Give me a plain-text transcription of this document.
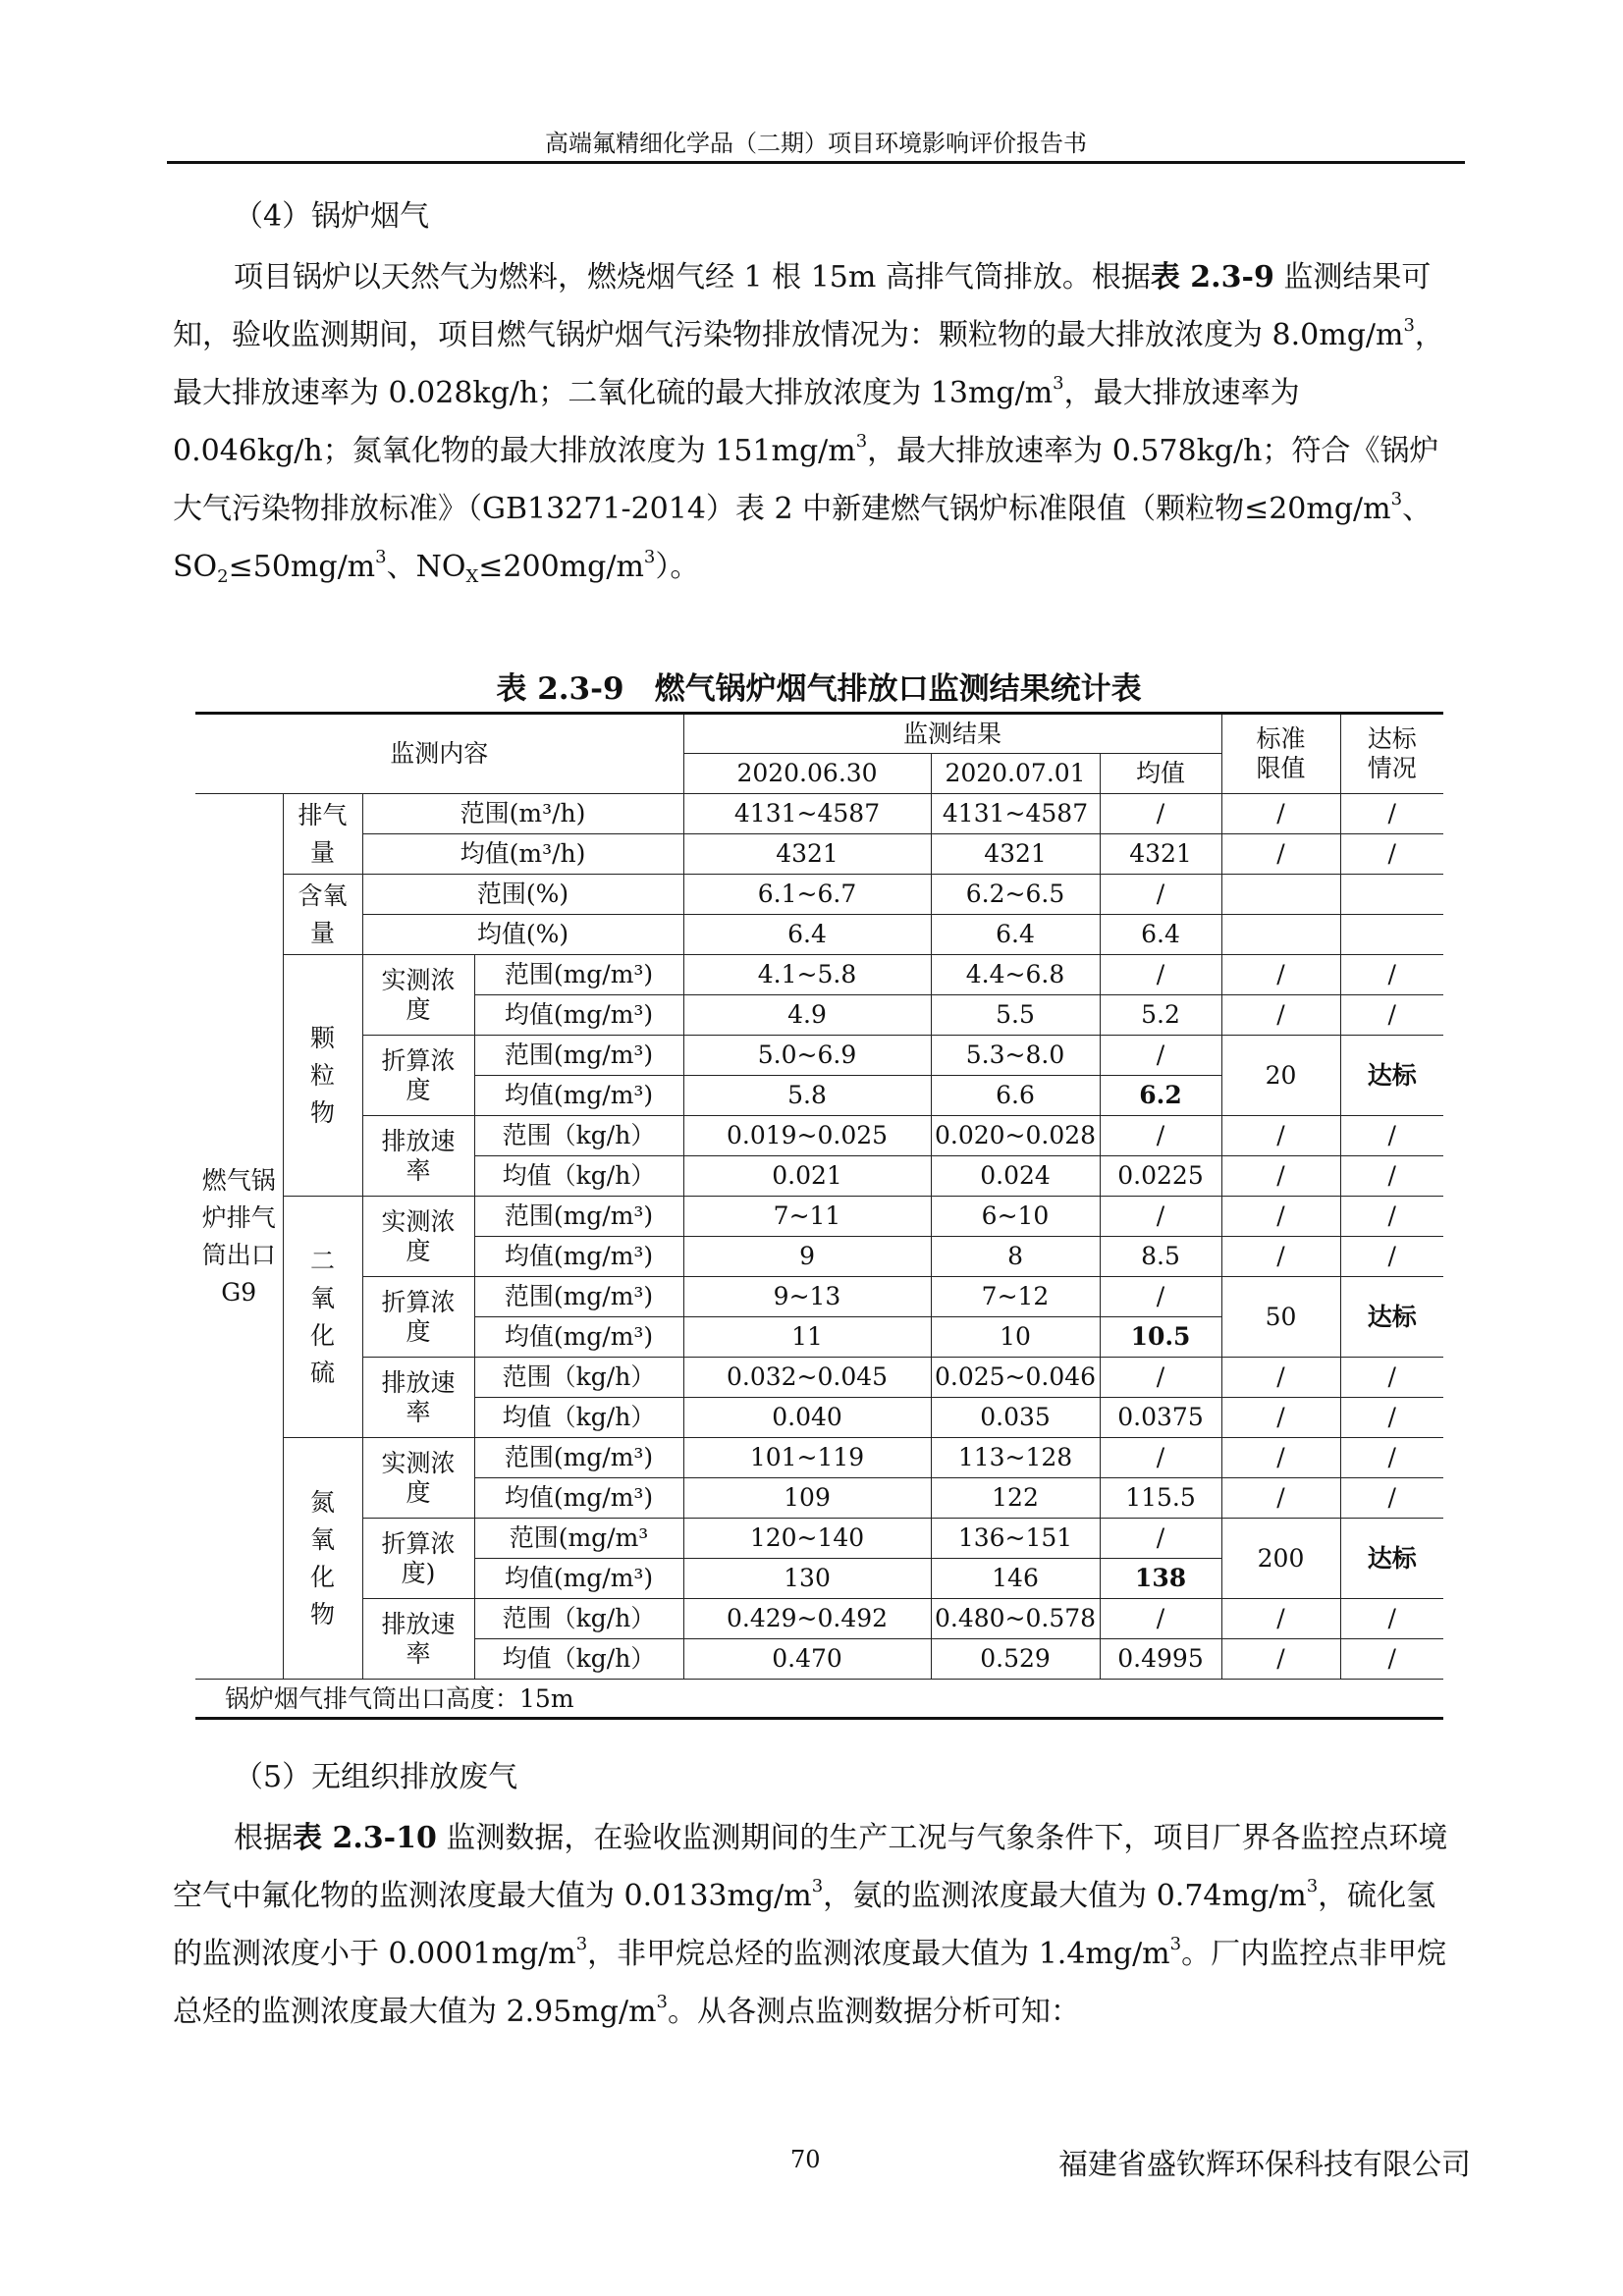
高端氟精细化学品（二期）项目环境影响评价报告书
（4）锅炉烟气

项目锅炉以天然气为燃料，燃烧烟气经 1 根 15m 高排气筒排放。根据表 2.3-9 监测结果可知，验收监测期间，项目燃气锅炉烟气污染物排放情况为：颗粒物的最大排放浓度为 $8.0mg/m^3$，最大排放速率为 0.028kg/h；二氧化硫的最大排放浓度为 $13mg/m^3$，最大排放速率为 0.046kg/h；氮氧化物的最大排放浓度为 $151mg/m^3$，最大排放速率为 0.578kg/h；符合《锅炉大气污染物排放标准》（GB13271-2014）表 2 中新建燃气锅炉标准限值（颗粒物$\le 20mg/m^3$、$SO_2\le 50mg/m^3$、$NO_X\le 200mg/m^3$）。

表 2.3-9　燃气锅炉烟气排放口监测结果统计表
监测内容				监测结果			标准限值	达标情况
				2020.06.30	2020.07.01	均值		
燃气锅炉排气筒出口G9	排气量	范围(m³/h)		4131~4587	4131~4587	/	/	/
		均值(m³/h)		4321	4321	4321	/	/
	含氧量	范围(%)		6.1~6.7	6.2~6.5	/		
		均值(%)		6.4	6.4	6.4		
	颗粒物	实测浓度	范围(mg/m³)	4.1~5.8	4.4~6.8	/	/	/
			均值(mg/m³)	4.9	5.5	5.2	/	/
		折算浓度	范围(mg/m³)	5.0~6.9	5.3~8.0	/	20	达标
			均值(mg/m³)	5.8	6.6	6.2		
		排放速率	范围（kg/h）	0.019~0.025	0.020~0.028	/	/	/
			均值（kg/h）	0.021	0.024	0.0225	/	/
	二氧化硫	实测浓度	范围(mg/m³)	7~11	6~10	/	/	/
			均值(mg/m³)	9	8	8.5	/	/
		折算浓度	范围(mg/m³)	9~13	7~12	/	50	达标
			均值(mg/m³)	11	10	10.5		
		排放速率	范围（kg/h）	0.032~0.045	0.025~0.046	/	/	/
			均值（kg/h）	0.040	0.035	0.0375	/	/
	氮氧化物	实测浓度	范围(mg/m³)	101~119	113~128	/	/	/
			均值(mg/m³)	109	122	115.5	/	/
		折算浓度)	范围(mg/m³	120~140	136~151	/	200	达标
			均值(mg/m³)	130	146	138		
		排放速率	范围（kg/h）	0.429~0.492	0.480~0.578	/	/	/
			均值（kg/h）	0.470	0.529	0.4995	/	/
锅炉烟气排气筒出口高度：15m
（5）无组织排放废气

根据表 2.3-10 监测数据，在验收监测期间的生产工况与气象条件下，项目厂界各监控点环境空气中氟化物的监测浓度最大值为 $0.0133mg/m^3$，氨的监测浓度最大值为 $0.74mg/m^3$，硫化氢的监测浓度小于 $0.0001mg/m^3$，非甲烷总烃的监测浓度最大值为 $1.4mg/m^3$。厂内监控点非甲烷总烃的监测浓度最大值为 $2.95mg/m^3$。从各测点监测数据分析可知：

70	福建省盛钦辉环保科技有限公司
